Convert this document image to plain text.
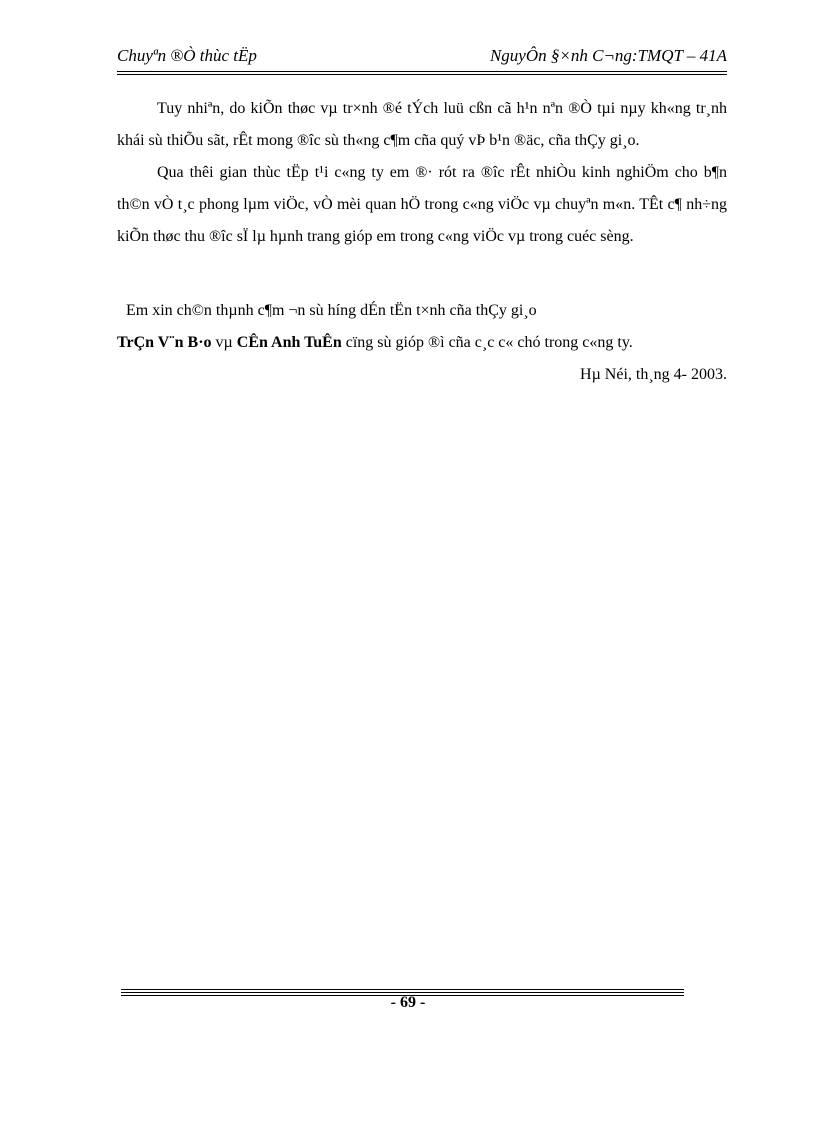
Chuyªn ®Ò thùc tËp	NguyÔn §×nh C¬ng:TMQT – 41A

Tuy nhiªn, do kiÕn thøc vµ tr×nh ®é tÝch luü cßn cã h¹n nªn ®Ò tµi nµy kh«ng tr¸nh khái sù thiÕu sãt, rÊt mong ®îc sù th«ng c¶m cña quý vÞ b¹n ®äc, cña thÇy gi¸o.

Qua thêi gian thùc tËp t¹i c«ng ty em ®· rót ra ®îc rÊt nhiÒu kinh nghiÖm cho b¶n th©n vÒ t¸c phong lµm viÖc, vÒ mèi quan hÖ trong c«ng viÖc vµ chuyªn m«n. TÊt c¶ nh÷ng kiÕn thøc thu ®îc sÏ lµ hµnh trang gióp em trong c«ng viÖc vµ trong cuéc sèng.

Em xin ch©n thµnh c¶m ¬n sù híng dÉn tËn t×nh cña thÇy gi¸o

TrÇn V¨n B·o vµ CÊn Anh TuÊn cïng sù gióp ®ì cña c¸c c« chó trong c«ng ty.

Hµ Néi, th¸ng 4- 2003.

- 69 -
